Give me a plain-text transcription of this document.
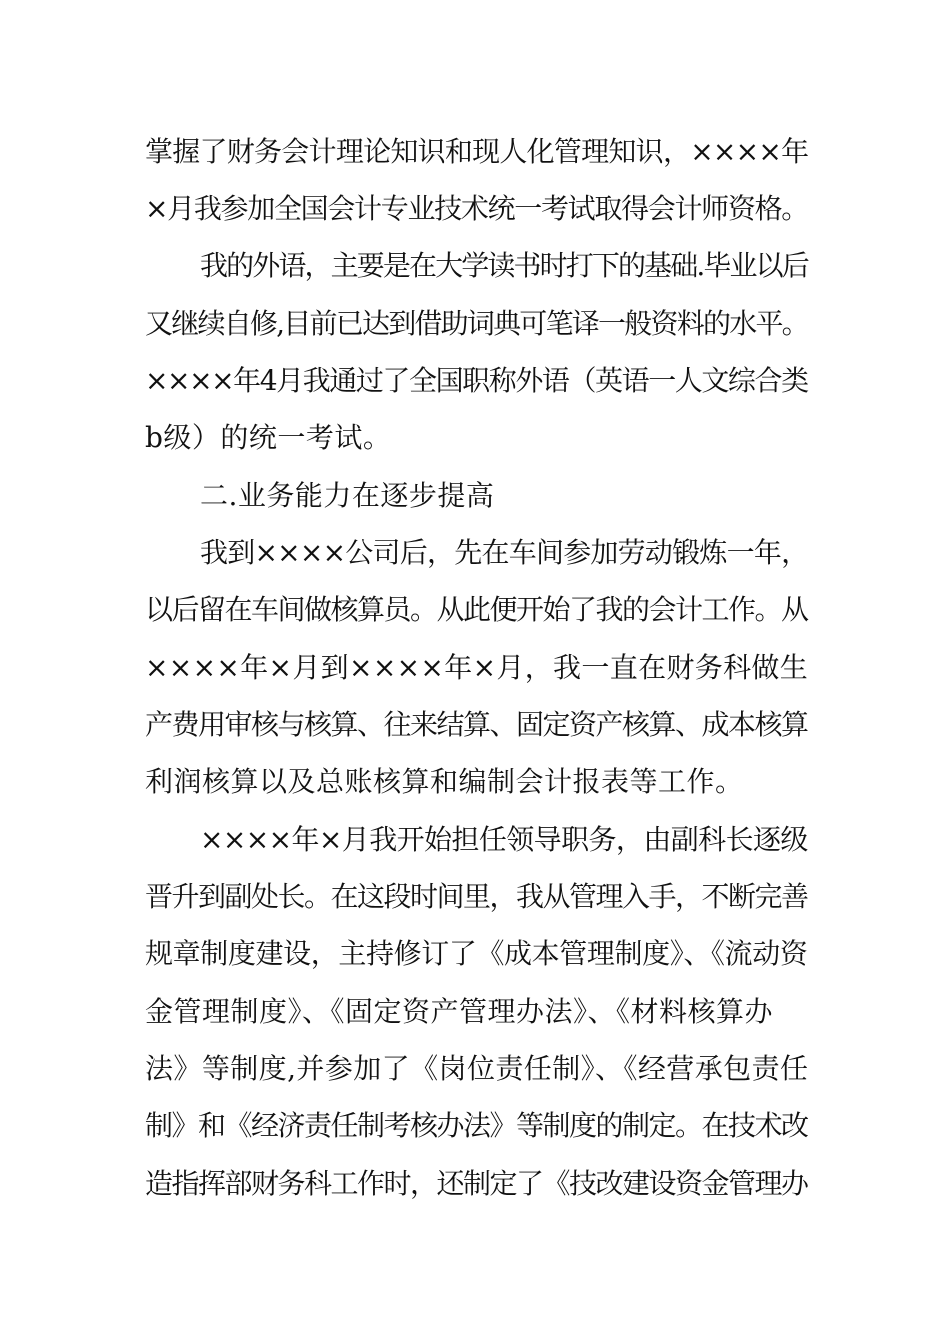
掌握了财务会计理论知识和现人化管理知识，××××年
×月我参加全国会计专业技术统一考试取得会计师资格。
我的外语，主要是在大学读书时打下的基础.毕业以后
又继续自修,目前已达到借助词典可笔译一般资料的水平。
××××年4月我通过了全国职称外语（英语一人文综合类
b级）的统一考试。
二.业务能力在逐步提高
我到××××公司后，先在车间参加劳动锻炼一年，
以后留在车间做核算员。从此便开始了我的会计工作。从
××××年×月到××××年×月，我一直在财务科做生
产费用审核与核算、往来结算、固定资产核算、成本核算
利润核算以及总账核算和编制会计报表等工作。
××××年×月我开始担任领导职务，由副科长逐级
晋升到副处长。在这段时间里，我从管理入手，不断完善
规章制度建设，主持修订了《成本管理制度》、《流动资
金管理制度》、《固定资产管理办法》、《材料核算办
法》等制度,并参加了《岗位责任制》、《经营承包责任
制》和《经济责任制考核办法》等制度的制定。在技术改
造指挥部财务科工作时，还制定了《技改建设资金管理办
